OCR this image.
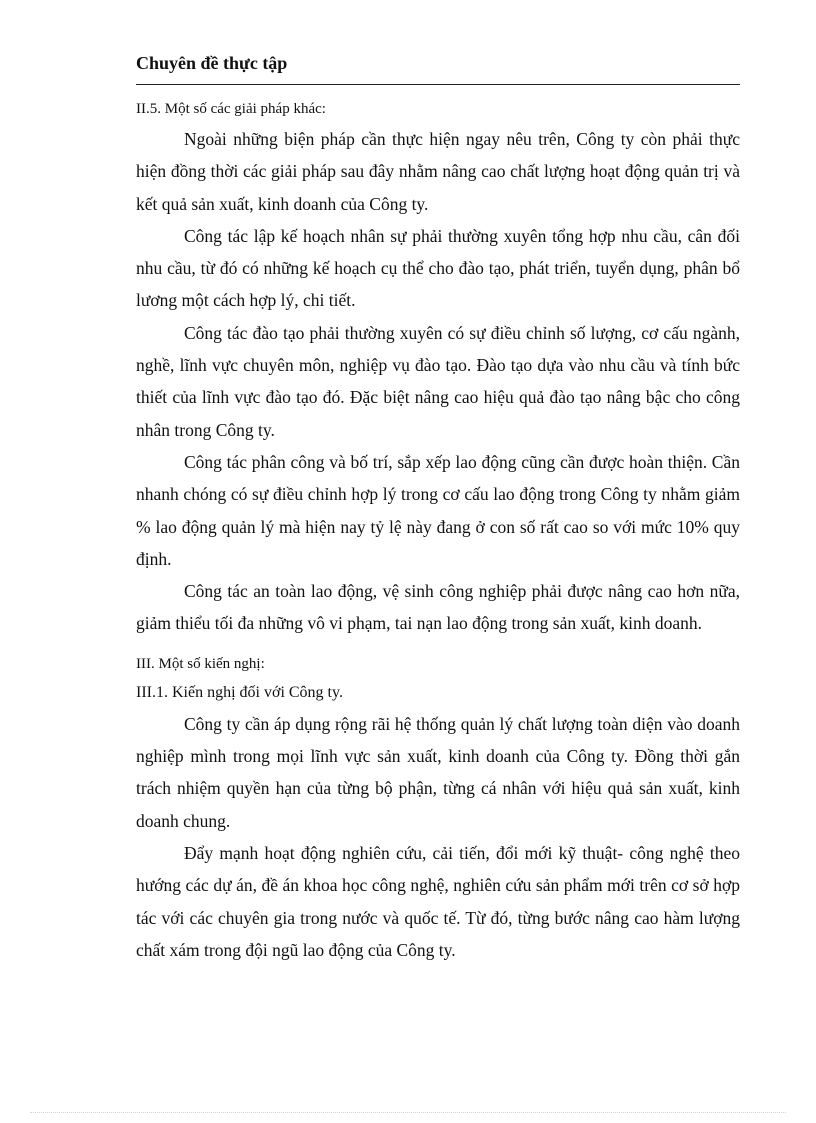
Chuyên đề thực tập

II.5. Một số các giải pháp khác:

Ngoài những biện pháp cần thực hiện ngay nêu trên, Công ty còn phải thực hiện đồng thời các giải pháp sau đây nhằm nâng cao chất lượng hoạt động quản trị và kết quả sản xuất, kinh doanh của Công ty.

Công tác lập kế hoạch nhân sự phải thường xuyên tổng hợp nhu cầu, cân đối nhu cầu, từ đó có những kế hoạch cụ thể cho đào tạo, phát triển, tuyển dụng, phân bổ lương một cách hợp lý, chi tiết.

Công tác đào tạo phải thường xuyên có sự điều chỉnh số lượng, cơ cấu ngành, nghề, lĩnh vực chuyên môn, nghiệp vụ đào tạo. Đào tạo dựa vào nhu cầu và tính bức thiết của lĩnh vực đào tạo đó. Đặc biệt nâng cao hiệu quả đào tạo nâng bậc cho công nhân trong Công ty.

Công tác phân công và bố trí, sắp xếp lao động cũng cần được hoàn thiện. Cần nhanh chóng có sự điều chỉnh hợp lý trong cơ cấu lao động trong Công ty nhằm giảm % lao động quản lý mà hiện nay tỷ lệ này đang ở con số rất cao so với mức 10% quy định.

Công tác an toàn lao động, vệ sinh công nghiệp phải được nâng cao hơn nữa, giảm thiểu tối đa những vô vi phạm, tai nạn lao động trong sản xuất, kinh doanh.

III. Một số kiến nghị:

III.1. Kiến nghị đối với Công ty.

Công ty cần áp dụng rộng rãi hệ thống quản lý chất lượng toàn diện vào doanh nghiệp mình trong mọi lĩnh vực sản xuất, kinh doanh của Công ty. Đồng thời gắn trách nhiệm quyền hạn của từng bộ phận, từng cá nhân với hiệu quả sản xuất, kinh doanh chung.

Đẩy mạnh hoạt động nghiên cứu, cải tiến, đổi mới kỹ thuật- công nghệ theo hướng các dự án, đề án khoa học công nghệ, nghiên cứu sản phẩm mới trên cơ sở hợp tác với các chuyên gia trong nước và quốc tế. Từ đó, từng bước nâng cao hàm lượng chất xám trong đội ngũ lao động của Công ty.
